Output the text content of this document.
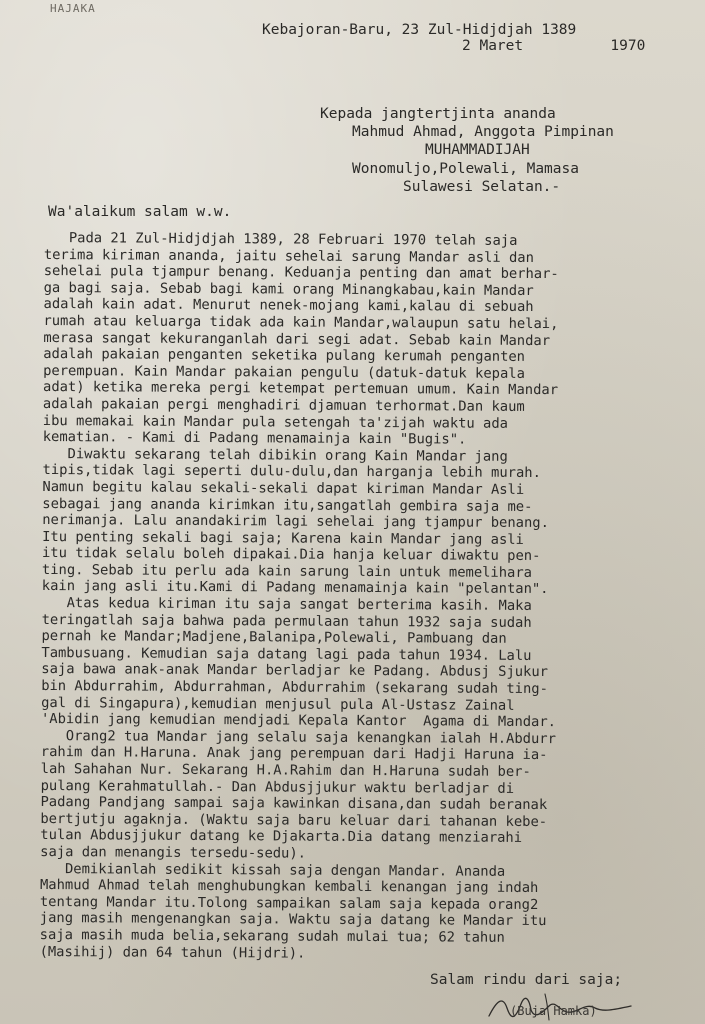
HAJAKA
Kebajoran-Baru, 23 Zul-Hidjdjah 1389
2 Maret          1970

Kepada jangtertjinta ananda

Mahmud Ahmad, Anggota Pimpinan

MUHAMMADIJAH

Wonomuljo,Polewali, Mamasa

Sulawesi Selatan.-

Wa'alaikum salam w.w.
Pada 21 Zul-Hidjdjah 1389, 28 Februari 1970 telah saja
terima kiriman ananda, jaitu sehelai sarung Mandar asli dan
sehelai pula tjampur benang. Keduanja penting dan amat berhar-
ga bagi saja. Sebab bagi kami orang Minangkabau,kain Mandar
adalah kain adat. Menurut nenek-mojang kami,kalau di sebuah
rumah atau keluarga tidak ada kain Mandar,walaupun satu helai,
merasa sangat kekuranganlah dari segi adat. Sebab kain Mandar
adalah pakaian penganten seketika pulang kerumah penganten
perempuan. Kain Mandar pakaian pengulu (datuk-datuk kepala
adat) ketika mereka pergi ketempat pertemuan umum. Kain Mandar
adalah pakaian pergi menghadiri djamuan terhormat.Dan kaum
ibu memakai kain Mandar pula setengah ta'zijah waktu ada
kematian. - Kami di Padang menamainja kain "Bugis".
Diwaktu sekarang telah dibikin orang Kain Mandar jang
tipis,tidak lagi seperti dulu-dulu,dan harganja lebih murah.
Namun begitu kalau sekali-sekali dapat kiriman Mandar Asli
sebagai jang ananda kirimkan itu,sangatlah gembira saja me-
nerimanja. Lalu anandakirim lagi sehelai jang tjampur benang.
Itu penting sekali bagi saja; Karena kain Mandar jang asli
itu tidak selalu boleh dipakai.Dia hanja keluar diwaktu pen-
ting. Sebab itu perlu ada kain sarung lain untuk memelihara
kain jang asli itu.Kami di Padang menamainja kain "pelantan".
Atas kedua kiriman itu saja sangat berterima kasih. Maka
teringatlah saja bahwa pada permulaan tahun 1932 saja sudah
pernah ke Mandar;Madjene,Balanipa,Polewali, Pambuang dan
Tambusuang. Kemudian saja datang lagi pada tahun 1934. Lalu
saja bawa anak-anak Mandar berladjar ke Padang. Abdusj Sjukur
bin Abdurrahim, Abdurrahman, Abdurrahim (sekarang sudah ting-
gal di Singapura),kemudian menjusul pula Al-Ustasz Zainal
'Abidin jang kemudian mendjadi Kepala Kantor  Agama di Mandar.
Orang2 tua Mandar jang selalu saja kenangkan ialah H.Abdurr
rahim dan H.Haruna. Anak jang perempuan dari Hadji Haruna ia-
lah Sahahan Nur. Sekarang H.A.Rahim dan H.Haruna sudah ber-
pulang Kerahmatullah.- Dan Abdusjjukur waktu berladjar di
Padang Pandjang sampai saja kawinkan disana,dan sudah beranak
bertjutju agaknja. (Waktu saja baru keluar dari tahanan kebe-
tulan Abdusjjukur datang ke Djakarta.Dia datang menziarahi
saja dan menangis tersedu-sedu).
Demikianlah sedikit kissah saja dengan Mandar. Ananda
Mahmud Ahmad telah menghubungkan kembali kenangan jang indah
tentang Mandar itu.Tolong sampaikan salam saja kepada orang2
jang masih mengenangkan saja. Waktu saja datang ke Mandar itu
saja masih muda belia,sekarang sudah mulai tua; 62 tahun
(Masihij) dan 64 tahun (Hijdri).
Salam rindu dari saja;
(Buja Hamka)
